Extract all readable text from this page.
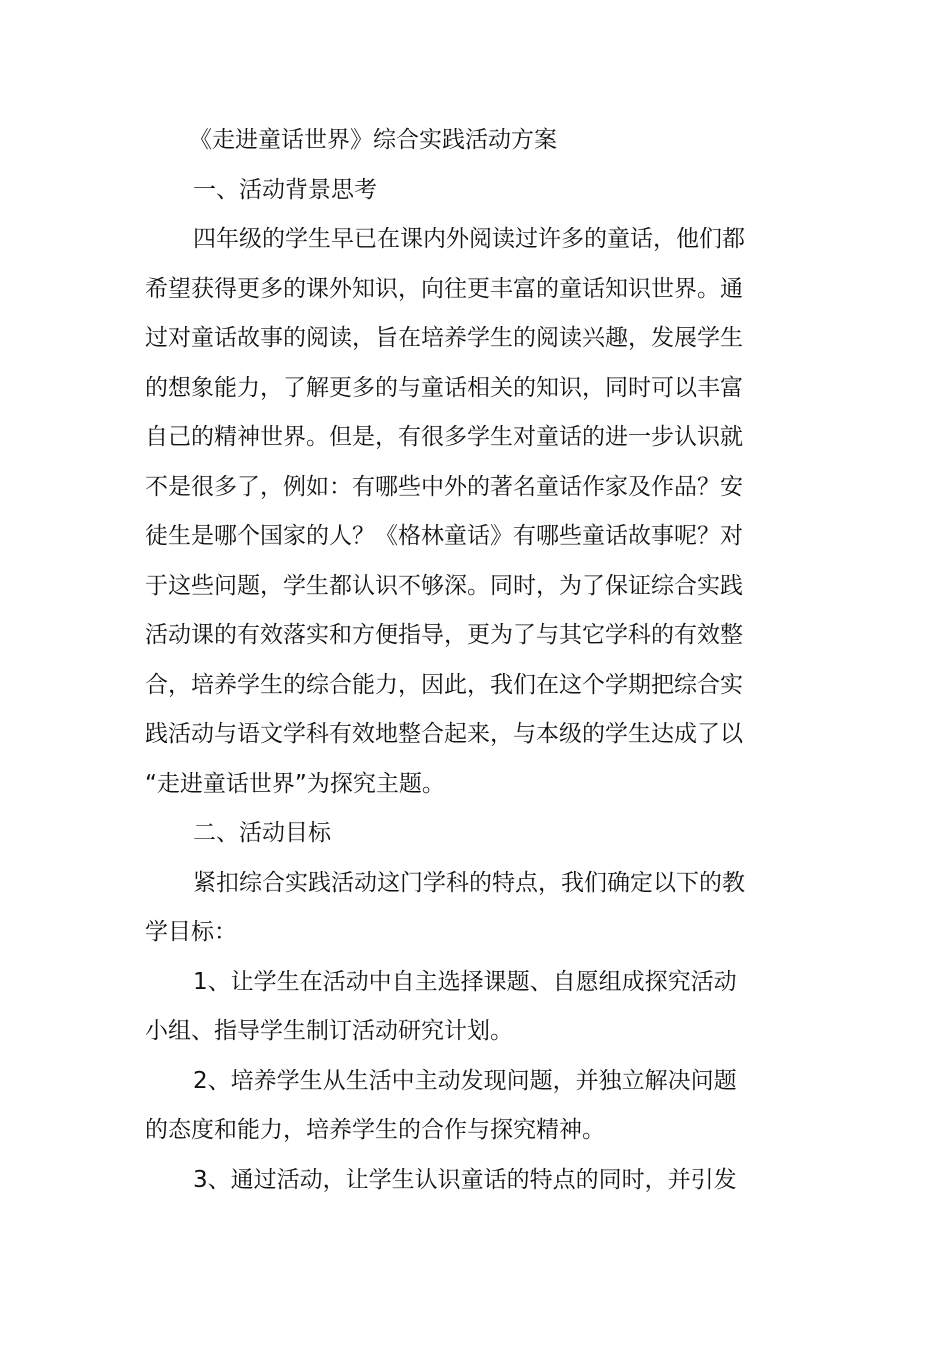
《走进童话世界》综合实践活动方案
一、活动背景思考
四年级的学生早已在课内外阅读过许多的童话，他们都
希望获得更多的课外知识，向往更丰富的童话知识世界。通
过对童话故事的阅读，旨在培养学生的阅读兴趣，发展学生
的想象能力，了解更多的与童话相关的知识，同时可以丰富
自己的精神世界。但是，有很多学生对童话的进一步认识就
不是很多了，例如：有哪些中外的著名童话作家及作品？安
徒生是哪个国家的人？《格林童话》有哪些童话故事呢？对
于这些问题，学生都认识不够深。同时，为了保证综合实践
活动课的有效落实和方便指导，更为了与其它学科的有效整
合，培养学生的综合能力，因此，我们在这个学期把综合实
践活动与语文学科有效地整合起来，与本级的学生达成了以
“走进童话世界”为探究主题。
二、活动目标
紧扣综合实践活动这门学科的特点，我们确定以下的教
学目标：
1、让学生在活动中自主选择课题、自愿组成探究活动
小组、指导学生制订活动研究计划。
2、培养学生从生活中主动发现问题，并独立解决问题
的态度和能力，培养学生的合作与探究精神。
3、通过活动，让学生认识童话的特点的同时，并引发
